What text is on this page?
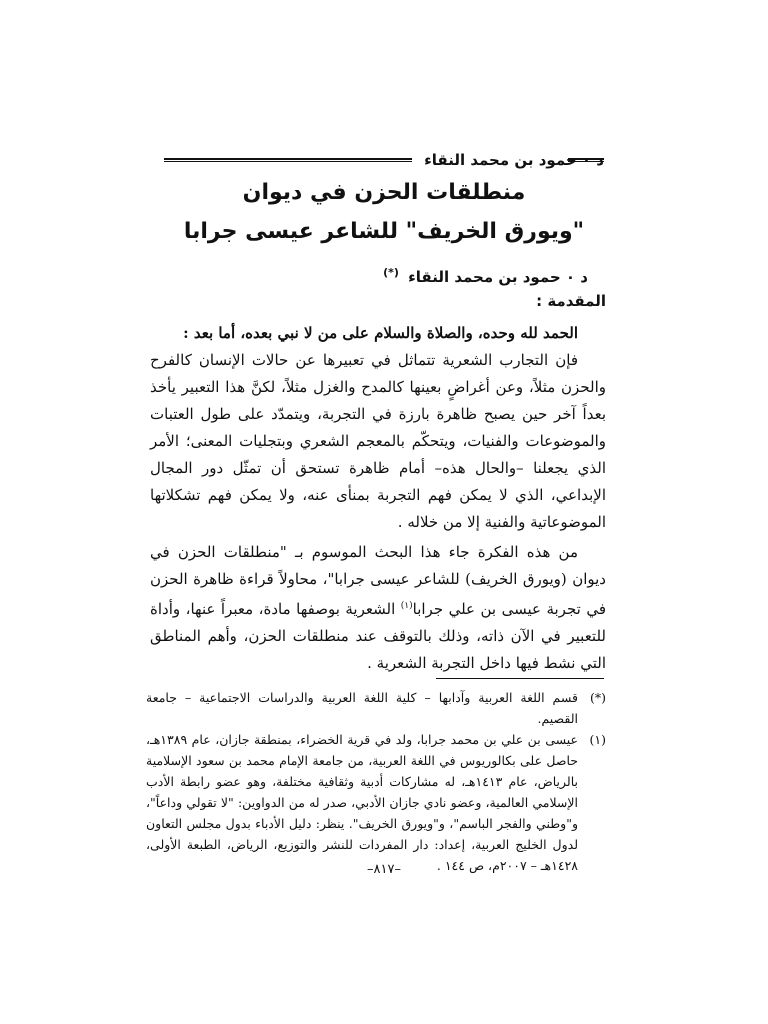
د ٠ حمود بن محمد النقاء
منطلقات الحزن في ديوان
"ويورق الخريف" للشاعر عيسى جرابا
د ٠ حمود بن محمد النقاء (*)
المقدمة :

الحمد لله وحده، والصلاة والسلام على من لا نبي بعده، أما بعد :

فإن التجارب الشعرية تتماثل في تعبيرها عن حالات الإنسان كالفرح والحزن مثلاً، وعن أغراضٍ بعينها كالمدح والغزل مثلاً، لكنَّ هذا التعبير يأخذ بعداً آخر حين يصبح ظاهرة بارزة في التجربة، ويتمدّد على طول العتبات والموضوعات والفنيات، ويتحكّم بالمعجم الشعري وبتجليات المعنى؛ الأمر الذي يجعلنا –والحال هذه– أمام ظاهرة تستحق أن تمثّل دور المجال الإبداعي، الذي لا يمكن فهم التجربة بمنأى عنه، ولا يمكن فهم تشكلاتها الموضوعاتية والفنية إلا من خلاله .

من هذه الفكرة جاء هذا البحث الموسوم بـ "منطلقات الحزن في ديوان (ويورق الخريف) للشاعر عيسى جرابا"، محاولاً قراءة ظاهرة الحزن في تجربة عيسى بن علي جرابا$^{(١)}$ الشعرية بوصفها مادة، معبراً عنها، وأداة للتعبير في الآن ذاته، وذلك بالتوقف عند منطلقات الحزن، وأهم المناطق التي نشط فيها داخل التجربة الشعرية .

(*)
قسم اللغة العربية وآدابها – كلية اللغة العربية والدراسات الاجتماعية – جامعة القصيم.
(١)
عيسى بن علي بن محمد جرابا، ولد في قرية الخضراء، بمنطقة جازان، عام ١٣٨٩هـ، حاصل على بكالوريوس في اللغة العربية، من جامعة الإمام محمد بن سعود الإسلامية بالرياض، عام ١٤١٣هـ، له مشاركات أدبية وثقافية مختلفة، وهو عضو رابطة الأدب الإسلامي العالمية، وعضو نادي جازان الأدبي، صدر له من الدواوين: "لا تقولي وداعاً"، و"وطني والفجر الباسم"، و"ويورق الخريف". ينظر: دليل الأدباء بدول مجلس التعاون لدول الخليج العربية، إعداد: دار المفردات للنشر والتوزيع، الرياض، الطبعة الأولى، ١٤٢٨هـ – ٢٠٠٧م، ص ١٤٤ .
–٨١٧–
